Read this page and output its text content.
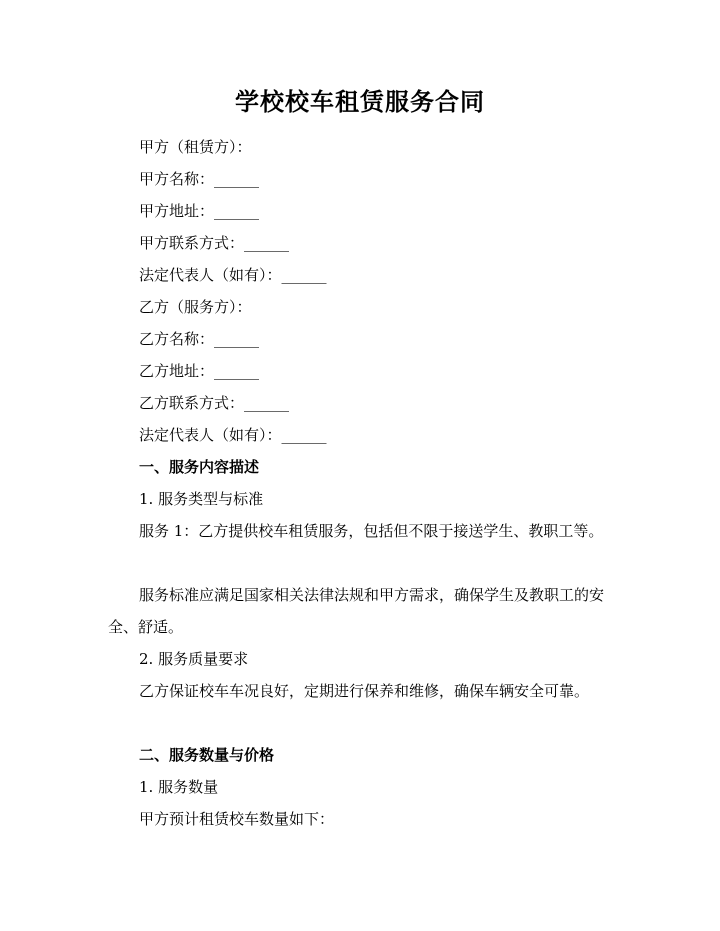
学校校车租赁服务合同

甲方（租赁方）：

甲方名称：______

甲方地址：______

甲方联系方式：______

法定代表人（如有）：______

乙方（服务方）：

乙方名称：______

乙方地址：______

乙方联系方式：______

法定代表人（如有）：______

一、服务内容描述

1. 服务类型与标准

服务 1：乙方提供校车租赁服务，包括但不限于接送学生、教职工等。

服务标准应满足国家相关法律法规和甲方需求，确保学生及教职工的安全、舒适。

2. 服务质量要求

乙方保证校车车况良好，定期进行保养和维修，确保车辆安全可靠。

二、服务数量与价格

1. 服务数量

甲方预计租赁校车数量如下：
